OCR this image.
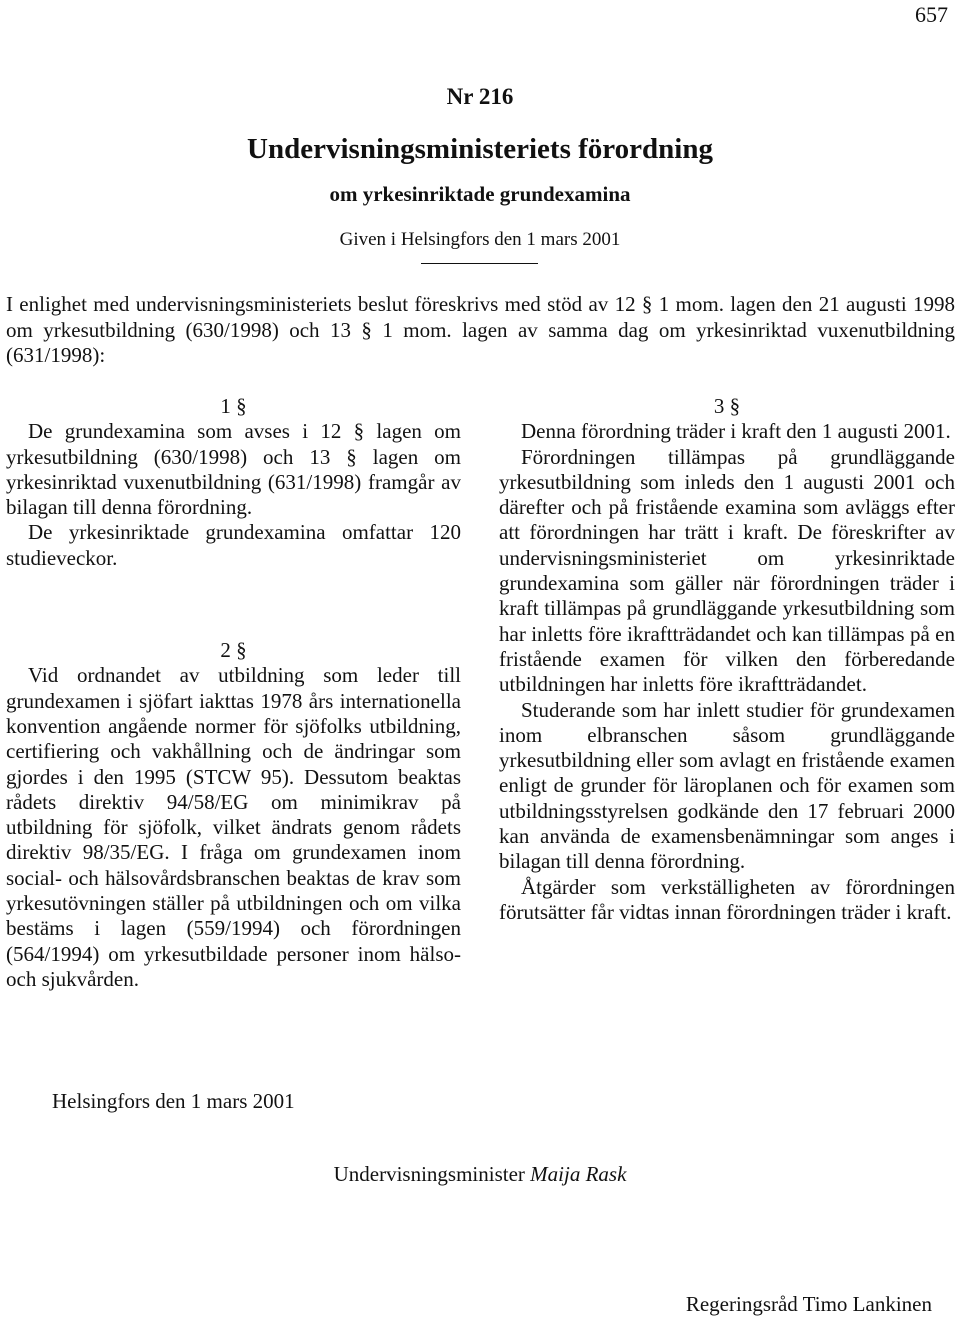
657
Nr 216
Undervisningsministeriets förordning
om yrkesinriktade grundexamina
Given i Helsingfors den 1 mars 2001

I enlighet med undervisningsministeriets beslut föreskrivs med stöd av 12 § 1 mom. lagen den 21 augusti 1998 om yrkesutbildning (630/1998) och 13 § 1 mom. lagen av samma dag om yrkesinriktad vuxenutbildning (631/1998):

1 §

De grundexamina som avses i 12 § lagen om yrkesutbildning (630/1998) och 13 § lagen om yrkesinriktad vuxenutbildning (631/1998) framgår av bilagan till denna förordning.

De yrkesinriktade grundexamina omfattar 120 studieveckor.

2 §

Vid ordnandet av utbildning som leder till grundexamen i sjöfart iakttas 1978 års internationella konvention angående normer för sjöfolks utbildning, certifiering och vakhållning och de ändringar som gjordes i den 1995 (STCW 95). Dessutom beaktas rådets direktiv 94/58/EG om minimikrav på utbildning för sjöfolk, vilket ändrats genom rådets direktiv 98/35/EG. I fråga om grundexamen inom social- och hälsovårdsbranschen beaktas de krav som yrkesutövningen ställer på utbildningen och om vilka bestäms i lagen (559/1994) och förordningen (564/1994) om yrkesutbildade personer inom hälso- och sjukvården.

3 §

Denna förordning träder i kraft den 1 augusti 2001.

Förordningen tillämpas på grundläggande yrkesutbildning som inleds den 1 augusti 2001 och därefter och på fristående examina som avläggs efter att förordningen har trätt i kraft. De föreskrifter av undervisningsministeriet om yrkesinriktade grundexamina som gäller när förordningen träder i kraft tillämpas på grundläggande yrkesutbildning som har inletts före ikraftträdandet och kan tillämpas på en fristående examen för vilken den förberedande utbildningen har inletts före ikraftträdandet.

Studerande som har inlett studier för grundexamen inom elbranschen såsom grundläggande yrkesutbildning eller som avlagt en fristående examen enligt de grunder för läroplanen och för examen som utbildningsstyrelsen godkände den 17 februari 2000 kan använda de examensbenämningar som anges i bilagan till denna förordning.

Åtgärder som verkställigheten av förordningen förutsätter får vidtas innan förordningen träder i kraft.

Helsingfors den 1 mars 2001
Undervisningsminister Maija Rask
Regeringsråd Timo Lankinen
